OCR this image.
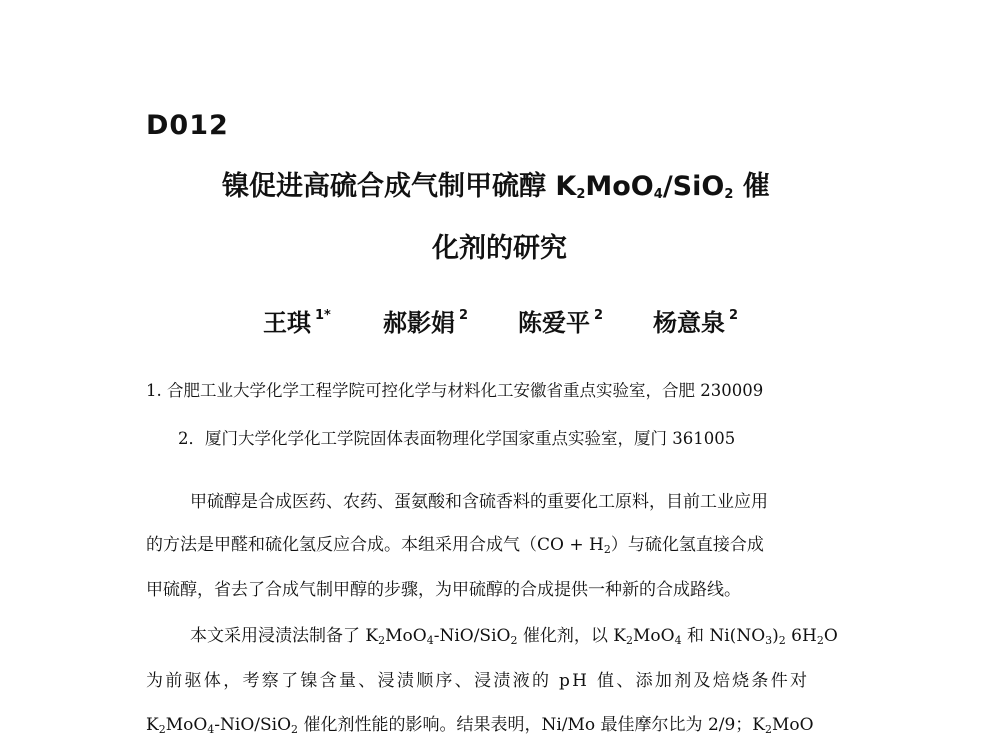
D012
镍促进高硫合成气制甲硫醇 $K_2MoO_4/SiO_2$ 催
化剂的研究
王琪 $^{1*}$ 郝影娟 $^2$ 陈爱平 $^2$ 杨意泉 $^2$
1. 合肥工业大学化学工程学院可控化学与材料化工安徽省重点实验室，合肥 230009
2．厦门大学化学化工学院固体表面物理化学国家重点实验室，厦门 361005
甲硫醇是合成医药、农药、蛋氨酸和含硫香料的重要化工原料，目前工业应用
的方法是甲醛和硫化氢反应合成。本组采用合成气$(CO + H_2)$与硫化氢直接合成
甲硫醇，省去了合成气制甲醇的步骤，为甲硫醇的合成提供一种新的合成路线。
本文采用浸渍法制备了 $K_2MoO_4-NiO/SiO_2$ 催化剂，以 $K_2MoO_4$ 和 $Ni(NO_3)_2$ $6H_2O$
为前驱体，考察了镍含量、浸渍顺序、浸渍液的 pH 值、添加剂及焙烧条件对
$K_2MoO_4-NiO/SiO_2$ 催化剂性能的影响。结果表明，Ni/Mo 最佳摩尔比为 2/9；$K_2MoO$
